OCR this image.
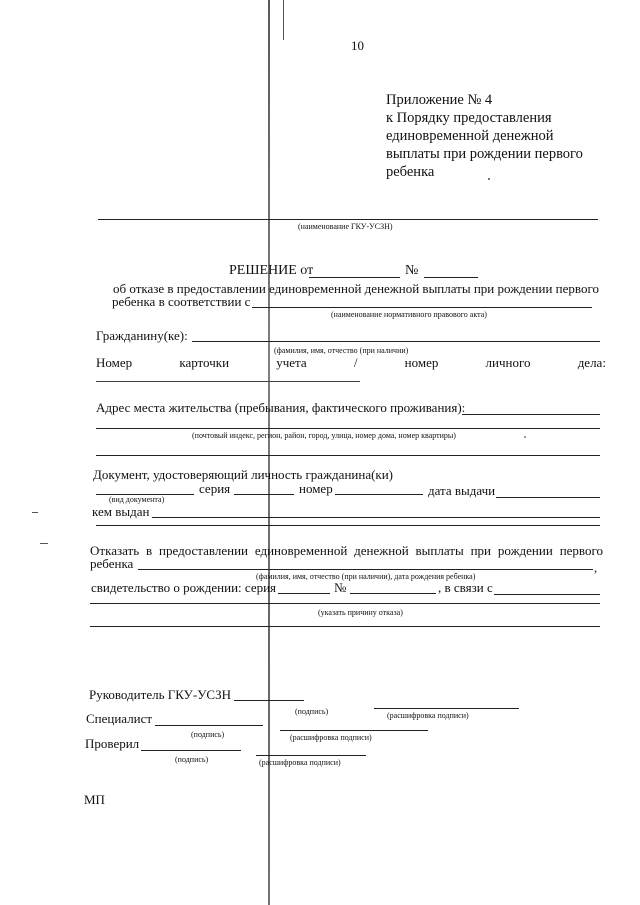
10
Приложение № 4
к Порядку предоставления
единовременной денежной
выплаты при рождении первого
ребенка
(наименование ГКУ-УСЗН)
РЕШЕНИЕ от	№
об отказе в предоставлении единовременной денежной выплаты при рождении первого
ребенка в соответствии с
(наименование нормативного правового акта)
Гражданину(ке):
(фамилия, имя, отчество (при наличии)
Номер	карточки	учета	/	номер	личного	дела:
Адрес места жительства (пребывания, фактического проживания):
(почтовый индекс, регион, район, город, улица, номер дома, номер квартиры)
Документ, удостоверяющий личность гражданина(ки)
серия	номер	дата выдачи
(вид документа)
кем выдан
Отказать в предоставлении единовременной денежной выплаты при рождении первого
ребенка	,
(фамилия, имя, отчество (при наличии), дата рождения ребенка)
свидетельство о рождении: серия	№	, в связи с
(указать причину отказа)
Руководитель ГКУ-УСЗН
(подпись)	(расшифровка подписи)
Специалист
(подпись)	(расшифровка подписи)
Проверил
(подпись)	(расшифровка подписи)
МП
